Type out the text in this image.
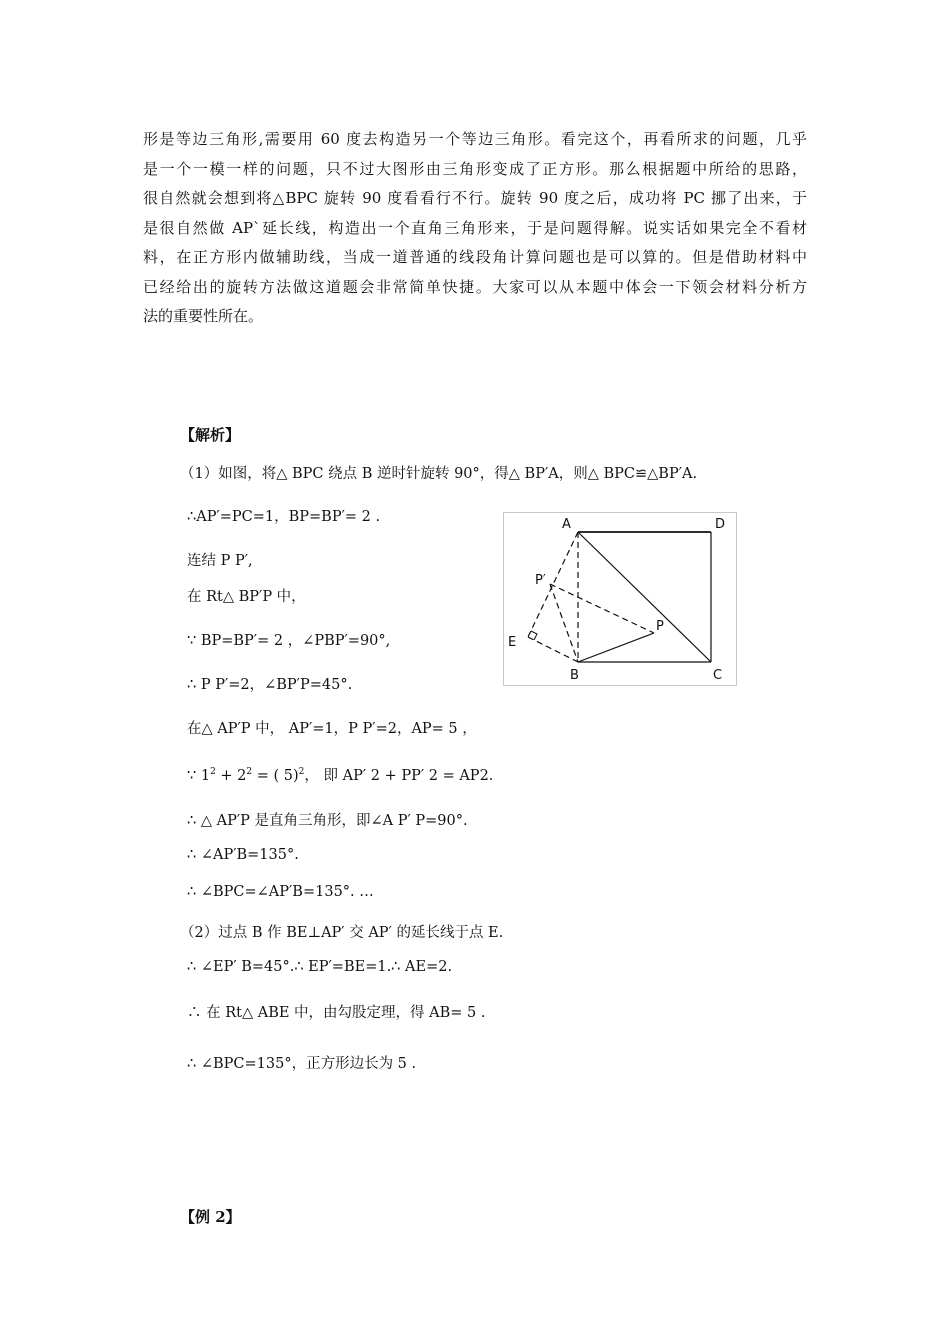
形是等边三角形,需要用 60 度去构造另一个等边三角形。看完这个，再看所求的问题，几乎
是一个一模一样的问题，只不过大图形由三角形变成了正方形。那么根据题中所给的思路，
很自然就会想到将△BPC 旋转 90 度看看行不行。旋转 90 度之后，成功将 PC 挪了出来，于
是很自然做 AP`延长线，构造出一个直角三角形来，于是问题得解。说实话如果完全不看材
料，在正方形内做辅助线，当成一道普通的线段角计算问题也是可以算的。但是借助材料中
已经给出的旋转方法做这道题会非常简单快捷。大家可以从本题中体会一下领会材料分析方
法的重要性所在。
【解析】
（1）如图，将△ BPC 绕点 B 逆时针旋转 90°，得△ BP′A，则△ BPC≌△BP′A.
∴AP′=PC=1，BP=BP′= 2 .
连结 P P′,
在 Rt△ BP′P 中，
∵ BP=BP′= 2 ，∠PBP′=90°,
∴ P P′=2，∠BP′P=45°.
在△ AP′P 中， AP′=1，P P′=2，AP= 5 ，
∵ $1^2 + 2^2$ = ( 5)$^2$， 即 AP′ 2 + PP′ 2 = AP2.
∴ △ AP′P 是直角三角形，即∠A P′ P=90°.
∴ ∠AP′B=135°.
∴ ∠BPC=∠AP′B=135°. …
（2）过点 B 作 BE⊥AP′ 交 AP′ 的延长线于点 E.
∴ ∠EP′ B=45°.∴ EP′=BE=1.∴ AE=2.
∴ 在 Rt△ ABE 中，由勾股定理，得 AB= 5 .
∴ ∠BPC=135°，正方形边长为 5 .
A	D
B	C
P
P′
E
【例 2】
